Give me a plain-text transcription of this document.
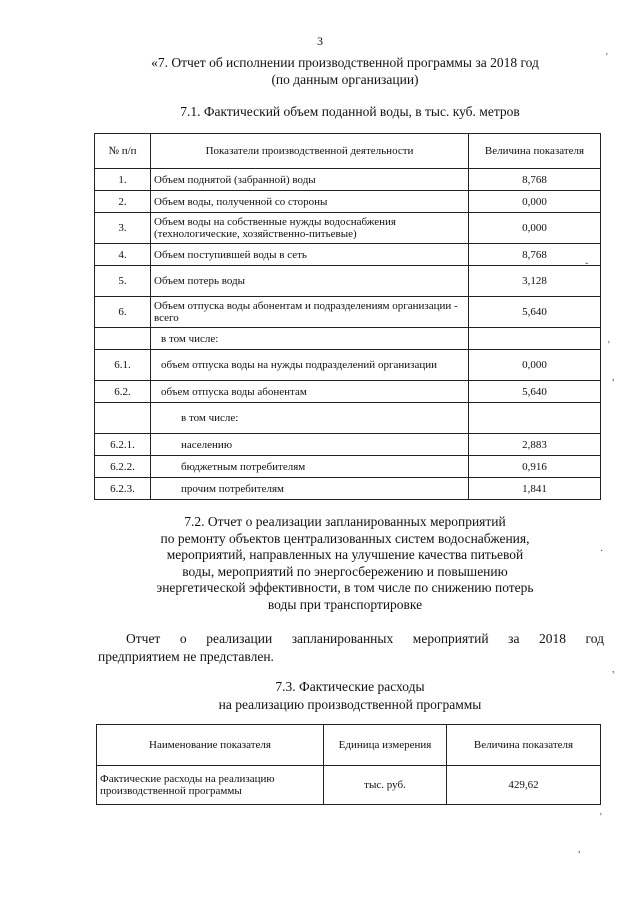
3
«7. Отчет об исполнении производственной программы за 2018 год
(по данным организации)
7.1. Фактический объем поданной воды, в тыс. куб. метров
№ п/п	Показатели производственной деятельности	Величина показателя
1.	Объем поднятой (забранной) воды	8,768
2.	Объем воды, полученной со стороны	0,000
3.	Объем воды на собственные нужды водоснабжения (технологические, хозяйственно-питьевые)	0,000
4.	Объем поступившей воды в сеть	8,768
5.	Объем потерь воды	3,128
6.	Объем отпуска воды абонентам и подразделениям организации - всего	5,640
	в том числе:	
6.1.	объем отпуска воды на нужды подразделений организации	0,000
6.2.	объем отпуска воды абонентам	5,640
	в том числе:	
6.2.1.	населению	2,883
6.2.2.	бюджетным потребителям	0,916
6.2.3.	прочим потребителям	1,841
7.2. Отчет о реализации запланированных мероприятий
по ремонту объектов централизованных систем водоснабжения,
мероприятий, направленных на улучшение качества питьевой
воды, мероприятий по энергосбережению и повышению
энергетической эффективности, в том числе по снижению потерь
воды при транспортировке
Отчет о реализации запланированных мероприятий за 2018 год
предприятием не представлен.
7.3. Фактические расходы
на реализацию производственной программы
Наименование показателя	Единица измерения	Величина показателя
Фактические расходы на реализацию производственной программы	тыс. руб.	429,62
'
'
,
ˇ
·
,
'
,
